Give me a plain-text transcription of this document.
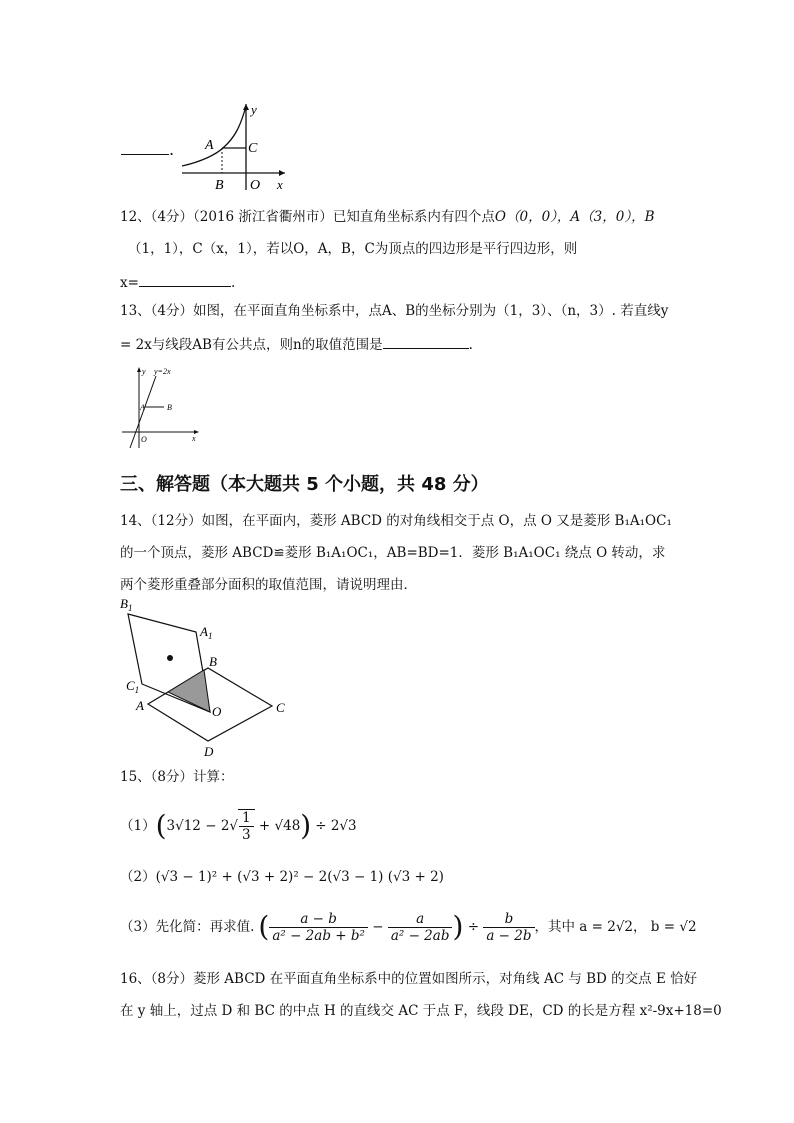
. A C
B O x
y
12、（4分）（2016 浙江省衢州市）已知直角坐标系内有四个点O（0，0），A（3，0），B
（1，1），C（x，1），若以O，A，B，C为顶点的四边形是平行四边形，则
x=	.
13、（4分）如图，在平面直角坐标系中，点A、B的坐标分别为（1，3）、（n，3）. 若直线y
= 2x与线段AB有公共点，则n的取值范围是	.
y=2x
y
A	B
O	x
三、解答题（本大题共 5 个小题，共 48 分）
14、（12分）如图，在平面内，菱形 ABCD 的对角线相交于点 O，点 O 又是菱形 B₁A₁OC₁
的一个顶点，菱形 ABCD≌菱形 B₁A₁OC₁，AB=BD=1．菱形 B₁A₁OC₁ 绕点 O 转动，求
两个菱形重叠部分面积的取值范围，请说明理由．
$B_1$
$A_1$
$C_1$
B
A	O	C
D
15、（8分）计算：
（1） ( 3√12 − 2 √ $\frac{1}{3} + √48$ ) ÷ 2√3
（2）(√3 − 1)² + (√3 + 2)² − 2(√3 − 1) (√3 + 2)
（3）先化简：再求值. ( $\frac{a - b}{\text{a² − 2ab + b²}} - \frac{a}{\text{a² − 2ab}}$ ) ÷ $\frac{b}{a - 2b}$ ，其中 a = 2√2， b = √2
16、（8分）菱形 ABCD 在平面直角坐标系中的位置如图所示，对角线 AC 与 BD 的交点 E 恰好
在 y 轴上，过点 D 和 BC 的中点 H 的直线交 AC 于点 F，线段 DE，CD 的长是方程 x²-9x+18=0
